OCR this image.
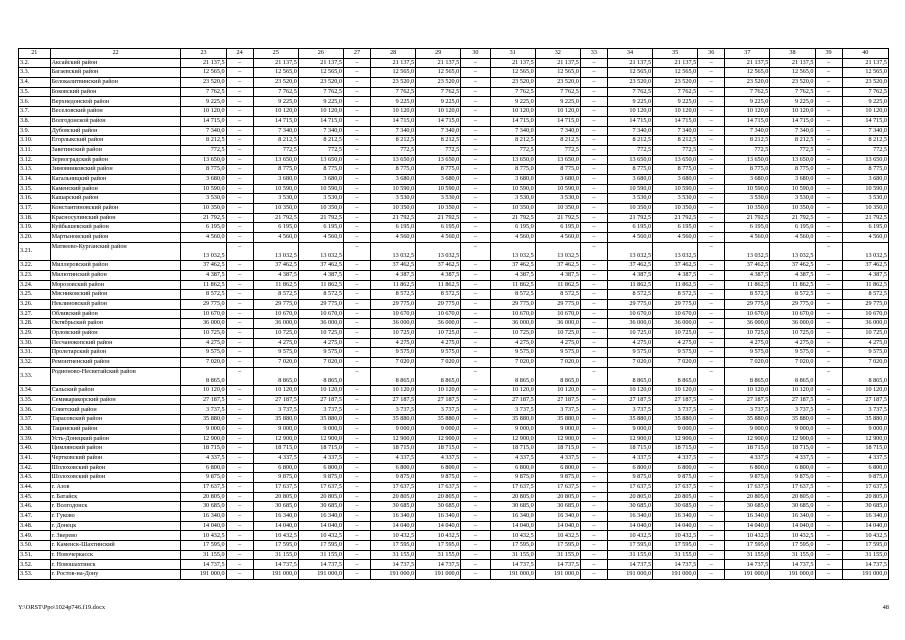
21	22	23	24	25	26	27	28	29	30	31	32	33	34	35	36	37	38	39	40
3.2.	Аксайский район	21 137,5	–	21 137,5	21 137,5	–	21 137,5	21 137,5	–	21 137,5	21 137,5	–	21 137,5	21 137,5	–	21 137,5	21 137,5	–	21 137,5
3.3.	Багаевский район	12 565,0	–	12 565,0	12 565,0	–	12 565,0	12 565,0	–	12 565,0	12 565,0	–	12 565,0	12 565,0	–	12 565,0	12 565,0	–	12 565,0
3.4.	Белокалитвинский район	23 520,0	–	23 520,0	23 520,0	–	23 520,0	23 520,0	–	23 520,0	23 520,0	–	23 520,0	23 520,0	–	23 520,0	23 520,0	–	23 520,0
3.5.	Боковский район	7 762,5	–	7 762,5	7 762,5	–	7 762,5	7 762,5	–	7 762,5	7 762,5	–	7 762,5	7 762,5	–	7 762,5	7 762,5	–	7 762,5
3.6.	Верхнедонской район	9 225,0	–	9 225,0	9 225,0	–	9 225,0	9 225,0	–	9 225,0	9 225,0	–	9 225,0	9 225,0	–	9 225,0	9 225,0	–	9 225,0
3.7.	Веселовский район	10 120,0	–	10 120,0	10 120,0	–	10 120,0	10 120,0	–	10 120,0	10 120,0	–	10 120,0	10 120,0	–	10 120,0	10 120,0	–	10 120,0
3.8.	Волгодонской район	14 715,0	–	14 715,0	14 715,0	–	14 715,0	14 715,0	–	14 715,0	14 715,0	–	14 715,0	14 715,0	–	14 715,0	14 715,0	–	14 715,0
3.9.	Дубовский район	7 340,0	–	7 340,0	7 340,0	–	7 340,0	7 340,0	–	7 340,0	7 340,0	–	7 340,0	7 340,0	–	7 340,0	7 340,0	–	7 340,0
3.10.	Егорлыкский район	8 212,5	–	8 212,5	8 212,5	–	8 212,5	8 212,5	–	8 212,5	8 212,5	–	8 212,5	8 212,5	–	8 212,5	8 212,5	–	8 212,5
3.11.	Заветинский район	772,5	–	772,5	772,5	–	772,5	772,5	–	772,5	772,5	–	772,5	772,5	–	772,5	772,5	–	772,5
3.12.	Зерноградский район	13 650,0	–	13 650,0	13 650,0	–	13 650,0	13 650,0	–	13 650,0	13 650,0	–	13 650,0	13 650,0	–	13 650,0	13 650,0	–	13 650,0
3.13.	Зимовниковский район	8 775,0	–	8 775,0	8 775,0	–	8 775,0	8 775,0	–	8 775,0	8 775,0	–	8 775,0	8 775,0	–	8 775,0	8 775,0	–	8 775,0
3.14.	Кагальницкий район	3 680,0	–	3 680,0	3 680,0	–	3 680,0	3 680,0	–	3 680,0	3 680,0	–	3 680,0	3 680,0	–	3 680,0	3 680,0	–	3 680,0
3.15.	Каменский район	10 590,0	–	10 590,0	10 590,0	–	10 590,0	10 590,0	–	10 590,0	10 590,0	–	10 590,0	10 590,0	–	10 590,0	10 590,0	–	10 590,0
3.16.	Кашарский район	3 530,0	–	3 530,0	3 530,0	–	3 530,0	3 530,0	–	3 530,0	3 530,0	–	3 530,0	3 530,0	–	3 530,0	3 530,0	–	3 530,0
3.17.	Константиновский район	10 350,0	–	10 350,0	10 350,0	–	10 350,0	10 350,0	–	10 350,0	10 350,0	–	10 350,0	10 350,0	–	10 350,0	10 350,0	–	10 350,0
3.18.	Красносулинский район	21 792,5	–	21 792,5	21 792,5	–	21 792,5	21 792,5	–	21 792,5	21 792,5	–	21 792,5	21 792,5	–	21 792,5	21 792,5	–	21 792,5
3.19.	Куйбышевский район	6 195,0	–	6 195,0	6 195,0	–	6 195,0	6 195,0	–	6 195,0	6 195,0	–	6 195,0	6 195,0	–	6 195,0	6 195,0	–	6 195,0
3.20.	Мартыновский район	4 560,0	–	4 560,0	4 560,0	–	4 560,0	4 560,0	–	4 560,0	4 560,0	–	4 560,0	4 560,0	–	4 560,0	4 560,0	–	4 560,0
3.21.	Матвеево-Курганский район	13 032,5	–	13 032,5	13 032,5	–	13 032,5	13 032,5	–	13 032,5	13 032,5	–	13 032,5	13 032,5	–	13 032,5	13 032,5	–	13 032,5
3.22.	Миллеровский район	37 462,5	–	37 462,5	37 462,5	–	37 462,5	37 462,5	–	37 462,5	37 462,5	–	37 462,5	37 462,5	–	37 462,5	37 462,5	–	37 462,5
3.23.	Милютинский район	4 387,5	–	4 387,5	4 387,5	–	4 387,5	4 387,5	–	4 387,5	4 387,5	–	4 387,5	4 387,5	–	4 387,5	4 387,5	–	4 387,5
3.24.	Морозовский район	11 862,5	–	11 862,5	11 862,5	–	11 862,5	11 862,5	–	11 862,5	11 862,5	–	11 862,5	11 862,5	–	11 862,5	11 862,5	–	11 862,5
3.25.	Мясниковский район	8 572,5	–	8 572,5	8 572,5	–	8 572,5	8 572,5	–	8 572,5	8 572,5	–	8 572,5	8 572,5	–	8 572,5	8 572,5	–	8 572,5
3.26.	Неклиновский район	29 775,0	–	29 775,0	29 775,0	–	29 775,0	29 775,0	–	29 775,0	29 775,0	–	29 775,0	29 775,0	–	29 775,0	29 775,0	–	29 775,0
3.27.	Обливский район	10 670,0	–	10 670,0	10 670,0	–	10 670,0	10 670,0	–	10 670,0	10 670,0	–	10 670,0	10 670,0	–	10 670,0	10 670,0	–	10 670,0
3.28.	Октябрьский район	36 000,0	–	36 000,0	36 000,0	–	36 000,0	36 000,0	–	36 000,0	36 000,0	–	36 000,0	36 000,0	–	36 000,0	36 000,0	–	36 000,0
3.29.	Орловский район	10 725,0	–	10 725,0	10 725,0	–	10 725,0	10 725,0	–	10 725,0	10 725,0	–	10 725,0	10 725,0	–	10 725,0	10 725,0	–	10 725,0
3.30.	Песчанокопский район	4 275,0	–	4 275,0	4 275,0	–	4 275,0	4 275,0	–	4 275,0	4 275,0	–	4 275,0	4 275,0	–	4 275,0	4 275,0	–	4 275,0
3.31.	Пролетарский район	9 575,0	–	9 575,0	9 575,0	–	9 575,0	9 575,0	–	9 575,0	9 575,0	–	9 575,0	9 575,0	–	9 575,0	9 575,0	–	9 575,0
3.32.	Ремонтненский район	7 020,0	–	7 020,0	7 020,0	–	7 020,0	7 020,0	–	7 020,0	7 020,0	–	7 020,0	7 020,0	–	7 020,0	7 020,0	–	7 020,0
3.33.	Родионово-Несветайский район	8 865,0	–	8 865,0	8 865,0	–	8 865,0	8 865,0	–	8 865,0	8 865,0	–	8 865,0	8 865,0	–	8 865,0	8 865,0	–	8 865,0
3.34.	Сальский район	10 120,0	–	10 120,0	10 120,0	–	10 120,0	10 120,0	–	10 120,0	10 120,0	–	10 120,0	10 120,0	–	10 120,0	10 120,0	–	10 120,0
3.35.	Семикаракорский район	27 187,5	–	27 187,5	27 187,5	–	27 187,5	27 187,5	–	27 187,5	27 187,5	–	27 187,5	27 187,5	–	27 187,5	27 187,5	–	27 187,5
3.36.	Советский район	3 737,5	–	3 737,5	3 737,5	–	3 737,5	3 737,5	–	3 737,5	3 737,5	–	3 737,5	3 737,5	–	3 737,5	3 737,5	–	3 737,5
3.37.	Тарасовский район	35 880,0	–	35 880,0	35 880,0	–	35 880,0	35 880,0	–	35 880,0	35 880,0	–	35 880,0	35 880,0	–	35 880,0	35 880,0	–	35 880,0
3.38.	Тацинский район	9 000,0	–	9 000,0	9 000,0	–	9 000,0	9 000,0	–	9 000,0	9 000,0	–	9 000,0	9 000,0	–	9 000,0	9 000,0	–	9 000,0
3.39.	Усть-Донецкий район	12 900,0	–	12 900,0	12 900,0	–	12 900,0	12 900,0	–	12 900,0	12 900,0	–	12 900,0	12 900,0	–	12 900,0	12 900,0	–	12 900,0
3.40.	Цимлянский район	18 715,0	–	18 715,0	18 715,0	–	18 715,0	18 715,0	–	18 715,0	18 715,0	–	18 715,0	18 715,0	–	18 715,0	18 715,0	–	18 715,0
3.41.	Чертковский район	4 337,5	–	4 337,5	4 337,5	–	4 337,5	4 337,5	–	4 337,5	4 337,5	–	4 337,5	4 337,5	–	4 337,5	4 337,5	–	4 337,5
3.42.	Шолоховский район	6 800,0	–	6 800,0	6 800,0	–	6 800,0	6 800,0	–	6 800,0	6 800,0	–	6 800,0	6 800,0	–	6 800,0	6 800,0	–	6 800,0
3.43.	Шолоховский район	9 875,0	–	9 875,0	9 875,0	–	9 875,0	9 875,0	–	9 875,0	9 875,0	–	9 875,0	9 875,0	–	9 875,0	9 875,0	–	9 875,0
3.44.	г. Азов	17 637,5	–	17 637,5	17 637,5	–	17 637,5	17 637,5	–	17 637,5	17 637,5	–	17 637,5	17 637,5	–	17 637,5	17 637,5	–	17 637,5
3.45.	г. Батайск	20 805,0	–	20 805,0	20 805,0	–	20 805,0	20 805,0	–	20 805,0	20 805,0	–	20 805,0	20 805,0	–	20 805,0	20 805,0	–	20 805,0
3.46.	г. Волгодонск	30 685,0	–	30 685,0	30 685,0	–	30 685,0	30 685,0	–	30 685,0	30 685,0	–	30 685,0	30 685,0	–	30 685,0	30 685,0	–	30 685,0
3.47.	г. Гуково	16 340,0	–	16 340,0	16 340,0	–	16 340,0	16 340,0	–	16 340,0	16 340,0	–	16 340,0	16 340,0	–	16 340,0	16 340,0	–	16 340,0
3.48.	г. Донецк	14 040,0	–	14 040,0	14 040,0	–	14 040,0	14 040,0	–	14 040,0	14 040,0	–	14 040,0	14 040,0	–	14 040,0	14 040,0	–	14 040,0
3.49.	г. Зверево	10 432,5	–	10 432,5	10 432,5	–	10 432,5	10 432,5	–	10 432,5	10 432,5	–	10 432,5	10 432,5	–	10 432,5	10 432,5	–	10 432,5
3.50.	г. Каменск-Шахтинский	17 595,0	–	17 595,0	17 595,0	–	17 595,0	17 595,0	–	17 595,0	17 595,0	–	17 595,0	17 595,0	–	17 595,0	17 595,0	–	17 595,0
3.51.	г. Новочеркасск	31 155,0	–	31 155,0	31 155,0	–	31 155,0	31 155,0	–	31 155,0	31 155,0	–	31 155,0	31 155,0	–	31 155,0	31 155,0	–	31 155,0
3.52.	г. Новошахтинск	14 737,5	–	14 737,5	14 737,5	–	14 737,5	14 737,5	–	14 737,5	14 737,5	–	14 737,5	14 737,5	–	14 737,5	14 737,5	–	14 737,5
3.53.	г. Ростов-на-Дону	191 000,0	–	191 000,0	191 000,0	–	191 000,0	191 000,0	–	191 000,0	191 000,0	–	191 000,0	191 000,0	–	191 000,0	191 000,0	–	191 000,0
Y:\ORST\Ppo\1024p746.f19.docx	48
